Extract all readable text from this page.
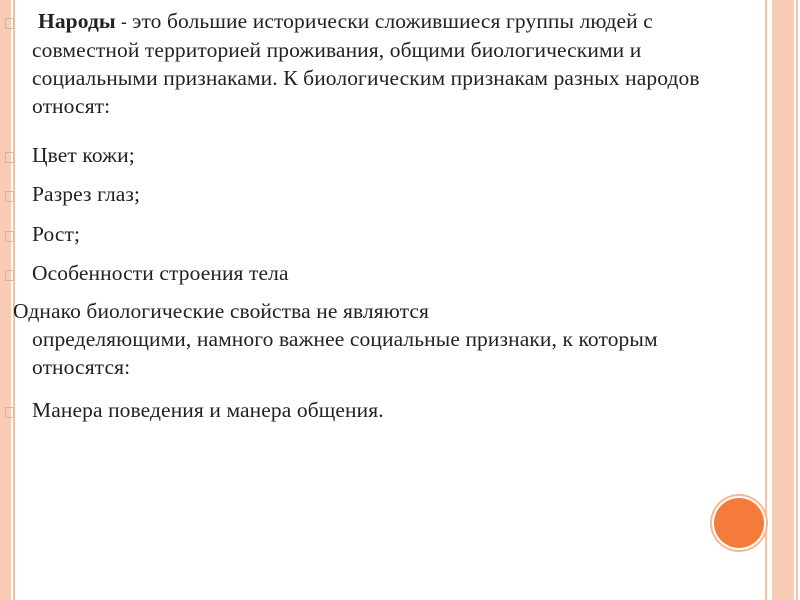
Народы - это большие исторически сложившиеся группы людей с совместной территорией проживания, общими биологическими и социальными признаками. К биологическим признакам разных народов относят:
Цвет кожи;
Разрез глаз;
Рост;
Особенности строения тела
Однако биологические свойства не являются
определяющими, намного важнее социальные признаки, к которым относятся:
Манера поведения и манера общения.
